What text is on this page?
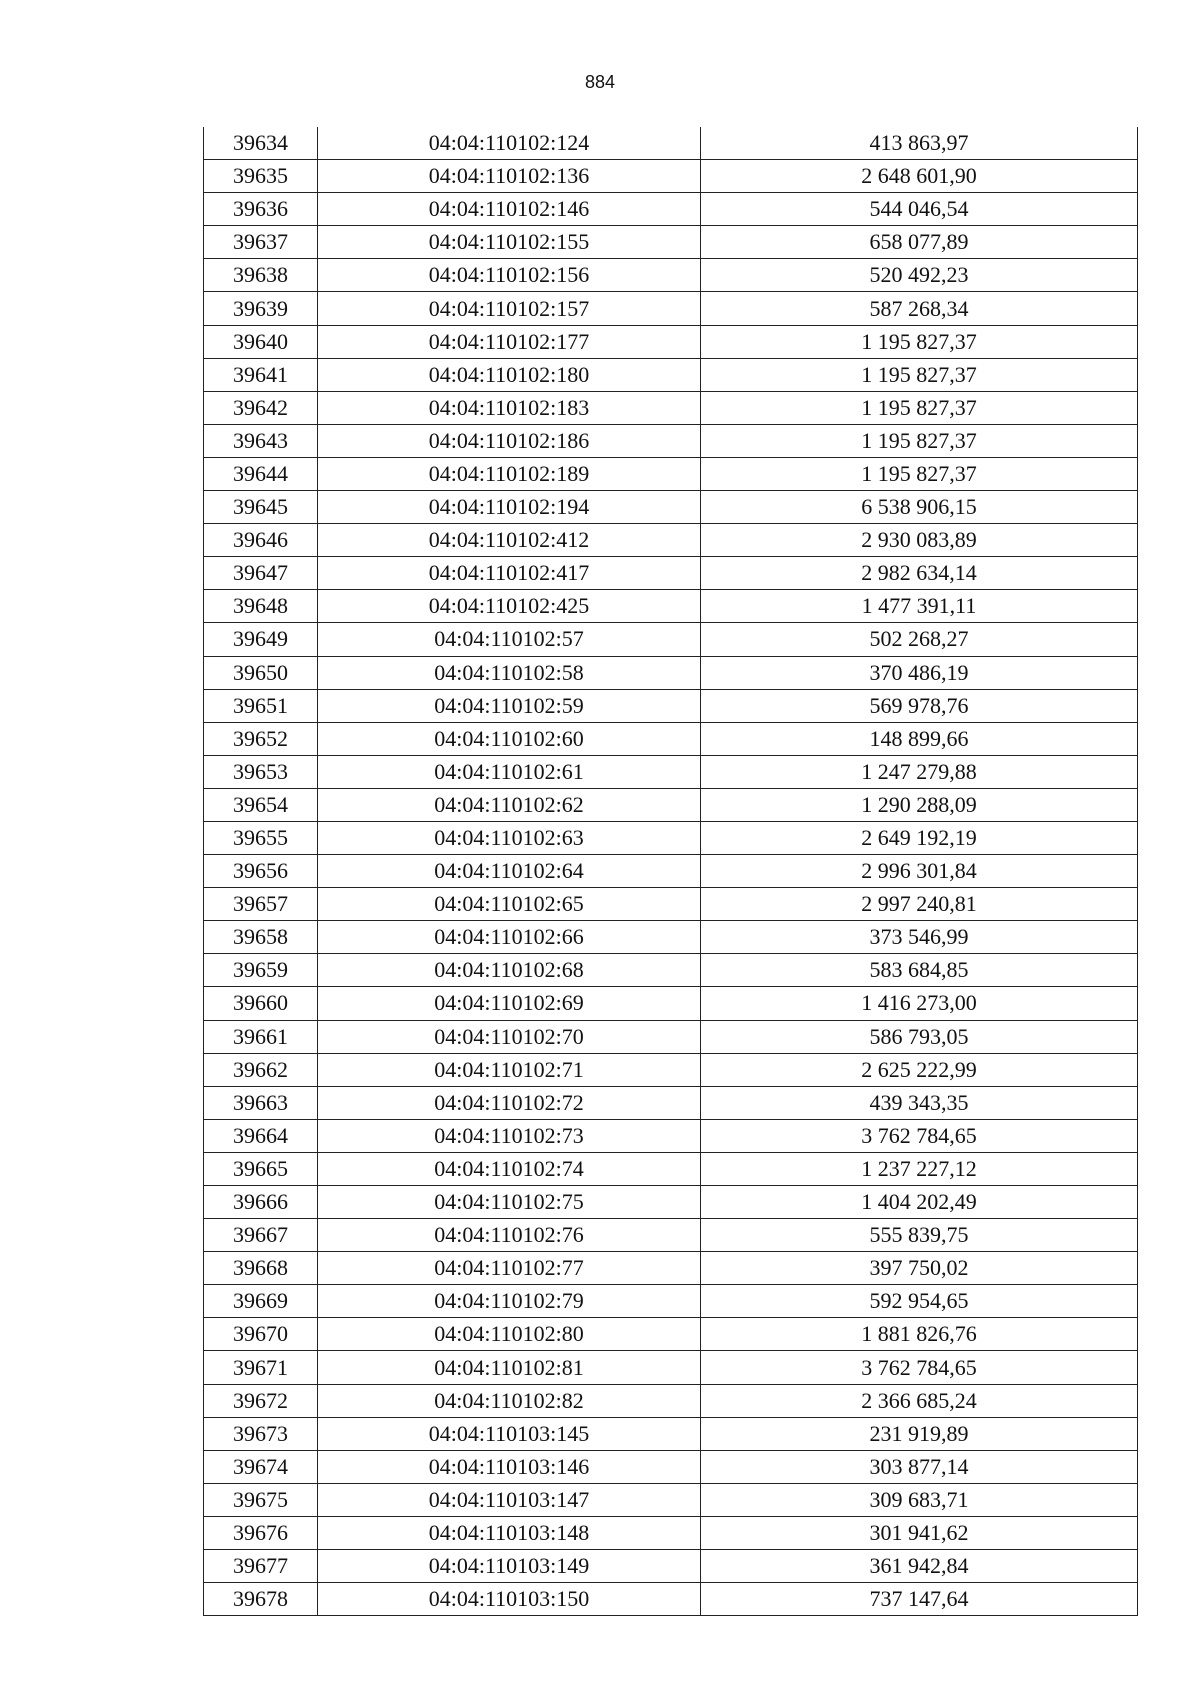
884
39634	04:04:110102:124	413 863,97
39635	04:04:110102:136	2 648 601,90
39636	04:04:110102:146	544 046,54
39637	04:04:110102:155	658 077,89
39638	04:04:110102:156	520 492,23
39639	04:04:110102:157	587 268,34
39640	04:04:110102:177	1 195 827,37
39641	04:04:110102:180	1 195 827,37
39642	04:04:110102:183	1 195 827,37
39643	04:04:110102:186	1 195 827,37
39644	04:04:110102:189	1 195 827,37
39645	04:04:110102:194	6 538 906,15
39646	04:04:110102:412	2 930 083,89
39647	04:04:110102:417	2 982 634,14
39648	04:04:110102:425	1 477 391,11
39649	04:04:110102:57	502 268,27
39650	04:04:110102:58	370 486,19
39651	04:04:110102:59	569 978,76
39652	04:04:110102:60	148 899,66
39653	04:04:110102:61	1 247 279,88
39654	04:04:110102:62	1 290 288,09
39655	04:04:110102:63	2 649 192,19
39656	04:04:110102:64	2 996 301,84
39657	04:04:110102:65	2 997 240,81
39658	04:04:110102:66	373 546,99
39659	04:04:110102:68	583 684,85
39660	04:04:110102:69	1 416 273,00
39661	04:04:110102:70	586 793,05
39662	04:04:110102:71	2 625 222,99
39663	04:04:110102:72	439 343,35
39664	04:04:110102:73	3 762 784,65
39665	04:04:110102:74	1 237 227,12
39666	04:04:110102:75	1 404 202,49
39667	04:04:110102:76	555 839,75
39668	04:04:110102:77	397 750,02
39669	04:04:110102:79	592 954,65
39670	04:04:110102:80	1 881 826,76
39671	04:04:110102:81	3 762 784,65
39672	04:04:110102:82	2 366 685,24
39673	04:04:110103:145	231 919,89
39674	04:04:110103:146	303 877,14
39675	04:04:110103:147	309 683,71
39676	04:04:110103:148	301 941,62
39677	04:04:110103:149	361 942,84
39678	04:04:110103:150	737 147,64
